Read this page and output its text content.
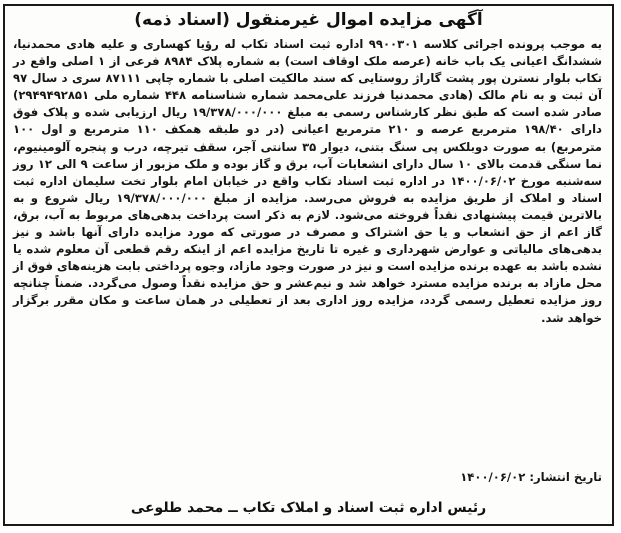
آگهی مزایده اموال غیرمنقول (اسناد ذمه)
به موجب پرونده اجرائی کلاسه ۹۹۰۰۳۰۱ اداره ثبت اسناد تکاب له رؤیا کهساری و علیه هادی محمدنیا، ششدانگ اعیانی یک باب خانه (عرصه ملک اوقاف است) به شماره پلاک ۸۹۸۴ فرعی از ۱ اصلی واقع در تکاب بلوار نسترن پور پشت گاراژ روستایی که سند مالکیت اصلی با شماره چاپی ۸۷۱۱۱ سری د سال ۹۷ آن ثبت و به نام مالک (هادی محمدنیا فرزند علی‌محمد شماره شناسنامه ۴۴۸ شماره ملی ۲۹۴۹۴۹۲۸۵۱) صادر شده است که طبق نظر کارشناس رسمی به مبلغ ۱۹/۳۷۸/۰۰۰/۰۰۰ ریال ارزیابی شده و پلاک فوق دارای ۱۹۸/۴۰ مترمربع عرصه و ۲۱۰ مترمربع اعیانی (در دو طبقه همکف ۱۱۰ مترمربع و اول ۱۰۰ مترمربع) به صورت دوبلکس پی سنگ بتنی، دیوار ۳۵ سانتی آجر، سقف تیرچه، درب و پنجره آلومینیوم، نما سنگی قدمت بالای ۱۰ سال دارای انشعابات آب، برق و گاز بوده و ملک مزبور از ساعت ۹ الی ۱۲ روز سه‌شنبه مورخ ۱۴۰۰/۰۶/۰۲ در اداره ثبت اسناد تکاب واقع در خیابان امام بلوار تخت سلیمان اداره ثبت اسناد و املاک از طریق مزایده به فروش می‌رسد. مزایده از مبلغ ۱۹/۳۷۸/۰۰۰/۰۰۰ ریال شروع و به بالاترین قیمت پیشنهادی نقداً فروخته می‌شود. لازم به ذکر است پرداخت بدهی‌های مربوط به آب، برق، گاز اعم از حق انشعاب و یا حق اشتراک و مصرف در صورتی که مورد مزایده دارای آنها باشد و نیز بدهی‌های مالیاتی و عوارض شهرداری و غیره تا تاریخ مزایده اعم از اینکه رقم قطعی آن معلوم شده یا نشده باشد به عهده برنده مزایده است و نیز در صورت وجود مازاد، وجوه پرداختی بابت هزینه‌های فوق از محل مازاد به برنده مزایده مسترد خواهد شد و نیم‌عشر و حق مزایده نقداً وصول می‌گردد. ضمناً چنانچه روز مزایده تعطیل رسمی گردد، مزایده روز اداری بعد از تعطیلی در همان ساعت و مکان مقرر برگزار خواهد شد.
تاریخ انتشار: ۱۴۰۰/۰۶/۰۲
رئیس اداره ثبت اسناد و املاک تکاب ــ محمد طلوعی
